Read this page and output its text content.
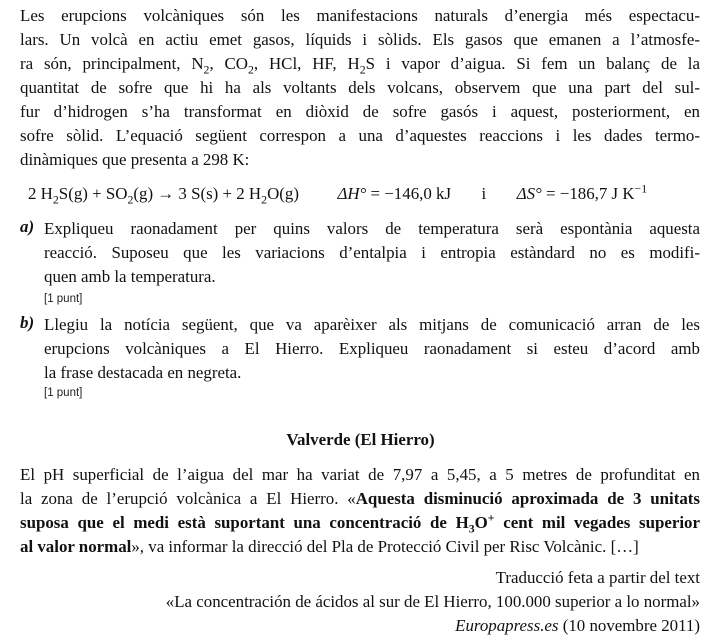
Les erupcions volcàniques són les manifestacions naturals d’energia més espectacu-
lars. Un volcà en actiu emet gasos, líquids i sòlids. Els gasos que emanen a l’atmosfe-
ra són, principalment, $N_2$, $CO_2$, HCl, HF, $H_2S$ i vapor d’aigua. Si fem un balanç de la
quantitat de sofre que hi ha als voltants dels volcans, observem que una part del sul-
fur d’hidrogen s’ha transformat en diòxid de sofre gasós i aquest, posteriorment, en
sofre sòlid. L’equació següent correspon a una d’aquestes reaccions i les dades termo-
dinàmiques que presenta a 298 K:
2 $H_2S(g) + SO_2(g) \to 3$ S(s) + 2 $H_2O(g) \Delta H^\circ = -146,0$ kJ i ΔS° = −186,7 J $K^{-1}$
a) Expliqueu raonadament per quins valors de temperatura serà espontània aquesta
reacció. Suposeu que les variacions d’entalpia i entropia estàndard no es modifi-
quen amb la temperatura.
[1 punt]
b) Llegiu la notícia següent, que va aparèixer als mitjans de comunicació arran de les
erupcions volcàniques a El Hierro. Expliqueu raonadament si esteu d’acord amb
la frase destacada en negreta.
[1 punt]
Valverde (El Hierro)
El pH superficial de l’aigua del mar ha variat de 7,97 a 5,45, a 5 metres de profunditat en
la zona de l’erupció volcànica a El Hierro. «Aquesta disminució aproximada de 3 unitats
suposa que el medi està suportant una concentració de $H_3O^+$ cent mil vegades superior
al valor normal», va informar la direcció del Pla de Protecció Civil per Risc Volcànic. […]
Traducció feta a partir del text
«La concentración de ácidos al sur de El Hierro, 100.000 superior a lo normal»
Europapress.es (10 novembre 2011)
